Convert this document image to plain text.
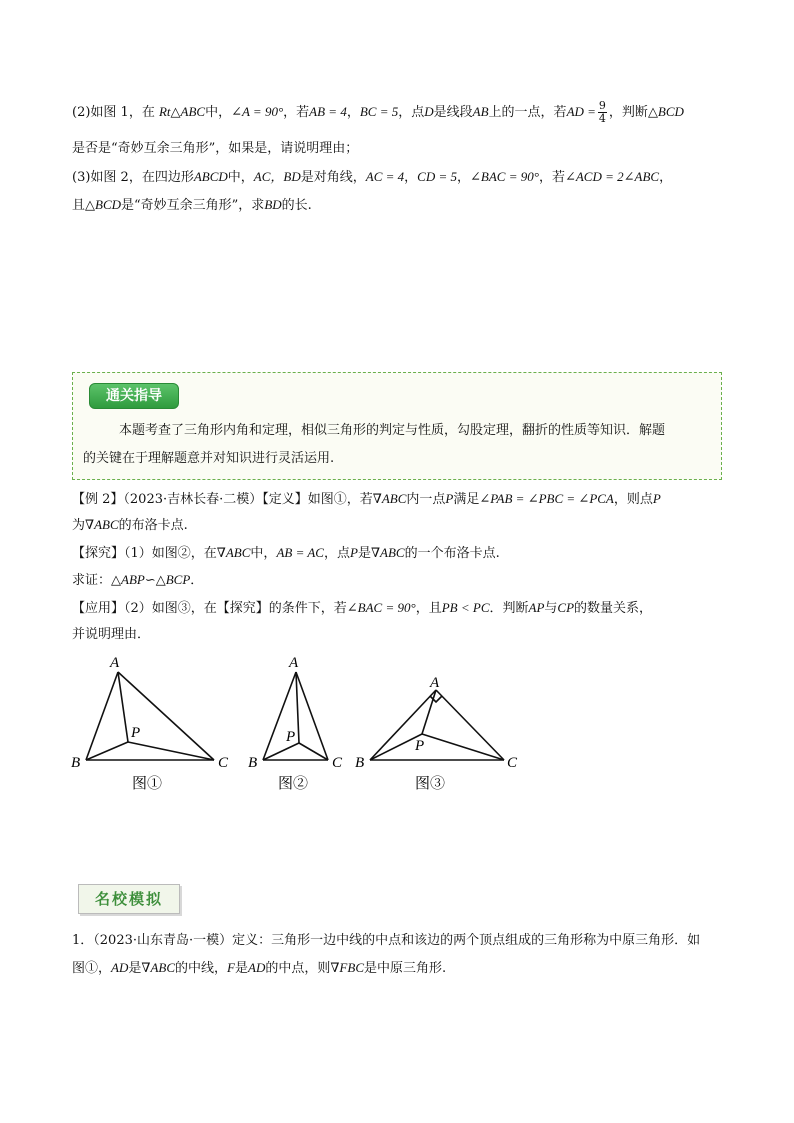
(2)如图 1，在 Rt△ABC中，∠A = 90°，若AB = 4，BC = 5，点D是线段AB上的一点，若AD = $\frac{9}{4}$ ，判断△BCD
是否是“奇妙互余三角形”，如果是，请说明理由；
(3)如图 2，在四边形ABCD中，AC，BD是对角线，AC = 4，CD = 5，∠BAC = 90°，若∠ACD = 2∠ABC，
且△BCD是“奇妙互余三角形”，求BD的长.
通关指导
本题考查了三角形内角和定理，相似三角形的判定与性质，勾股定理，翻折的性质等知识．解题
的关键在于理解题意并对知识进行灵活运用.
【例 2】（2023·吉林长春·二模）【定义】如图①，若∇ABC内一点P满足∠PAB = ∠PBC = ∠PCA，则点P
为∇ABC的布洛卡点.
【探究】（1）如图②，在∇ABC中，AB = AC，点P是∇ABC的一个布洛卡点.
求证：△ABP∽△BCP．
【应用】（2）如图③，在【探究】的条件下，若∠BAC = 90°，且PB < PC．判断AP与CP的数量关系，
并说明理由．
A
B	C
P
图①
A
B	C
P
图②
A
B	C
P
图③
名校模拟
1．（2023·山东青岛·一模）定义：三角形一边中线的中点和该边的两个顶点组成的三角形称为中原三角形．如
图①，AD是∇ABC的中线，F是AD的中点，则∇FBC是中原三角形.
